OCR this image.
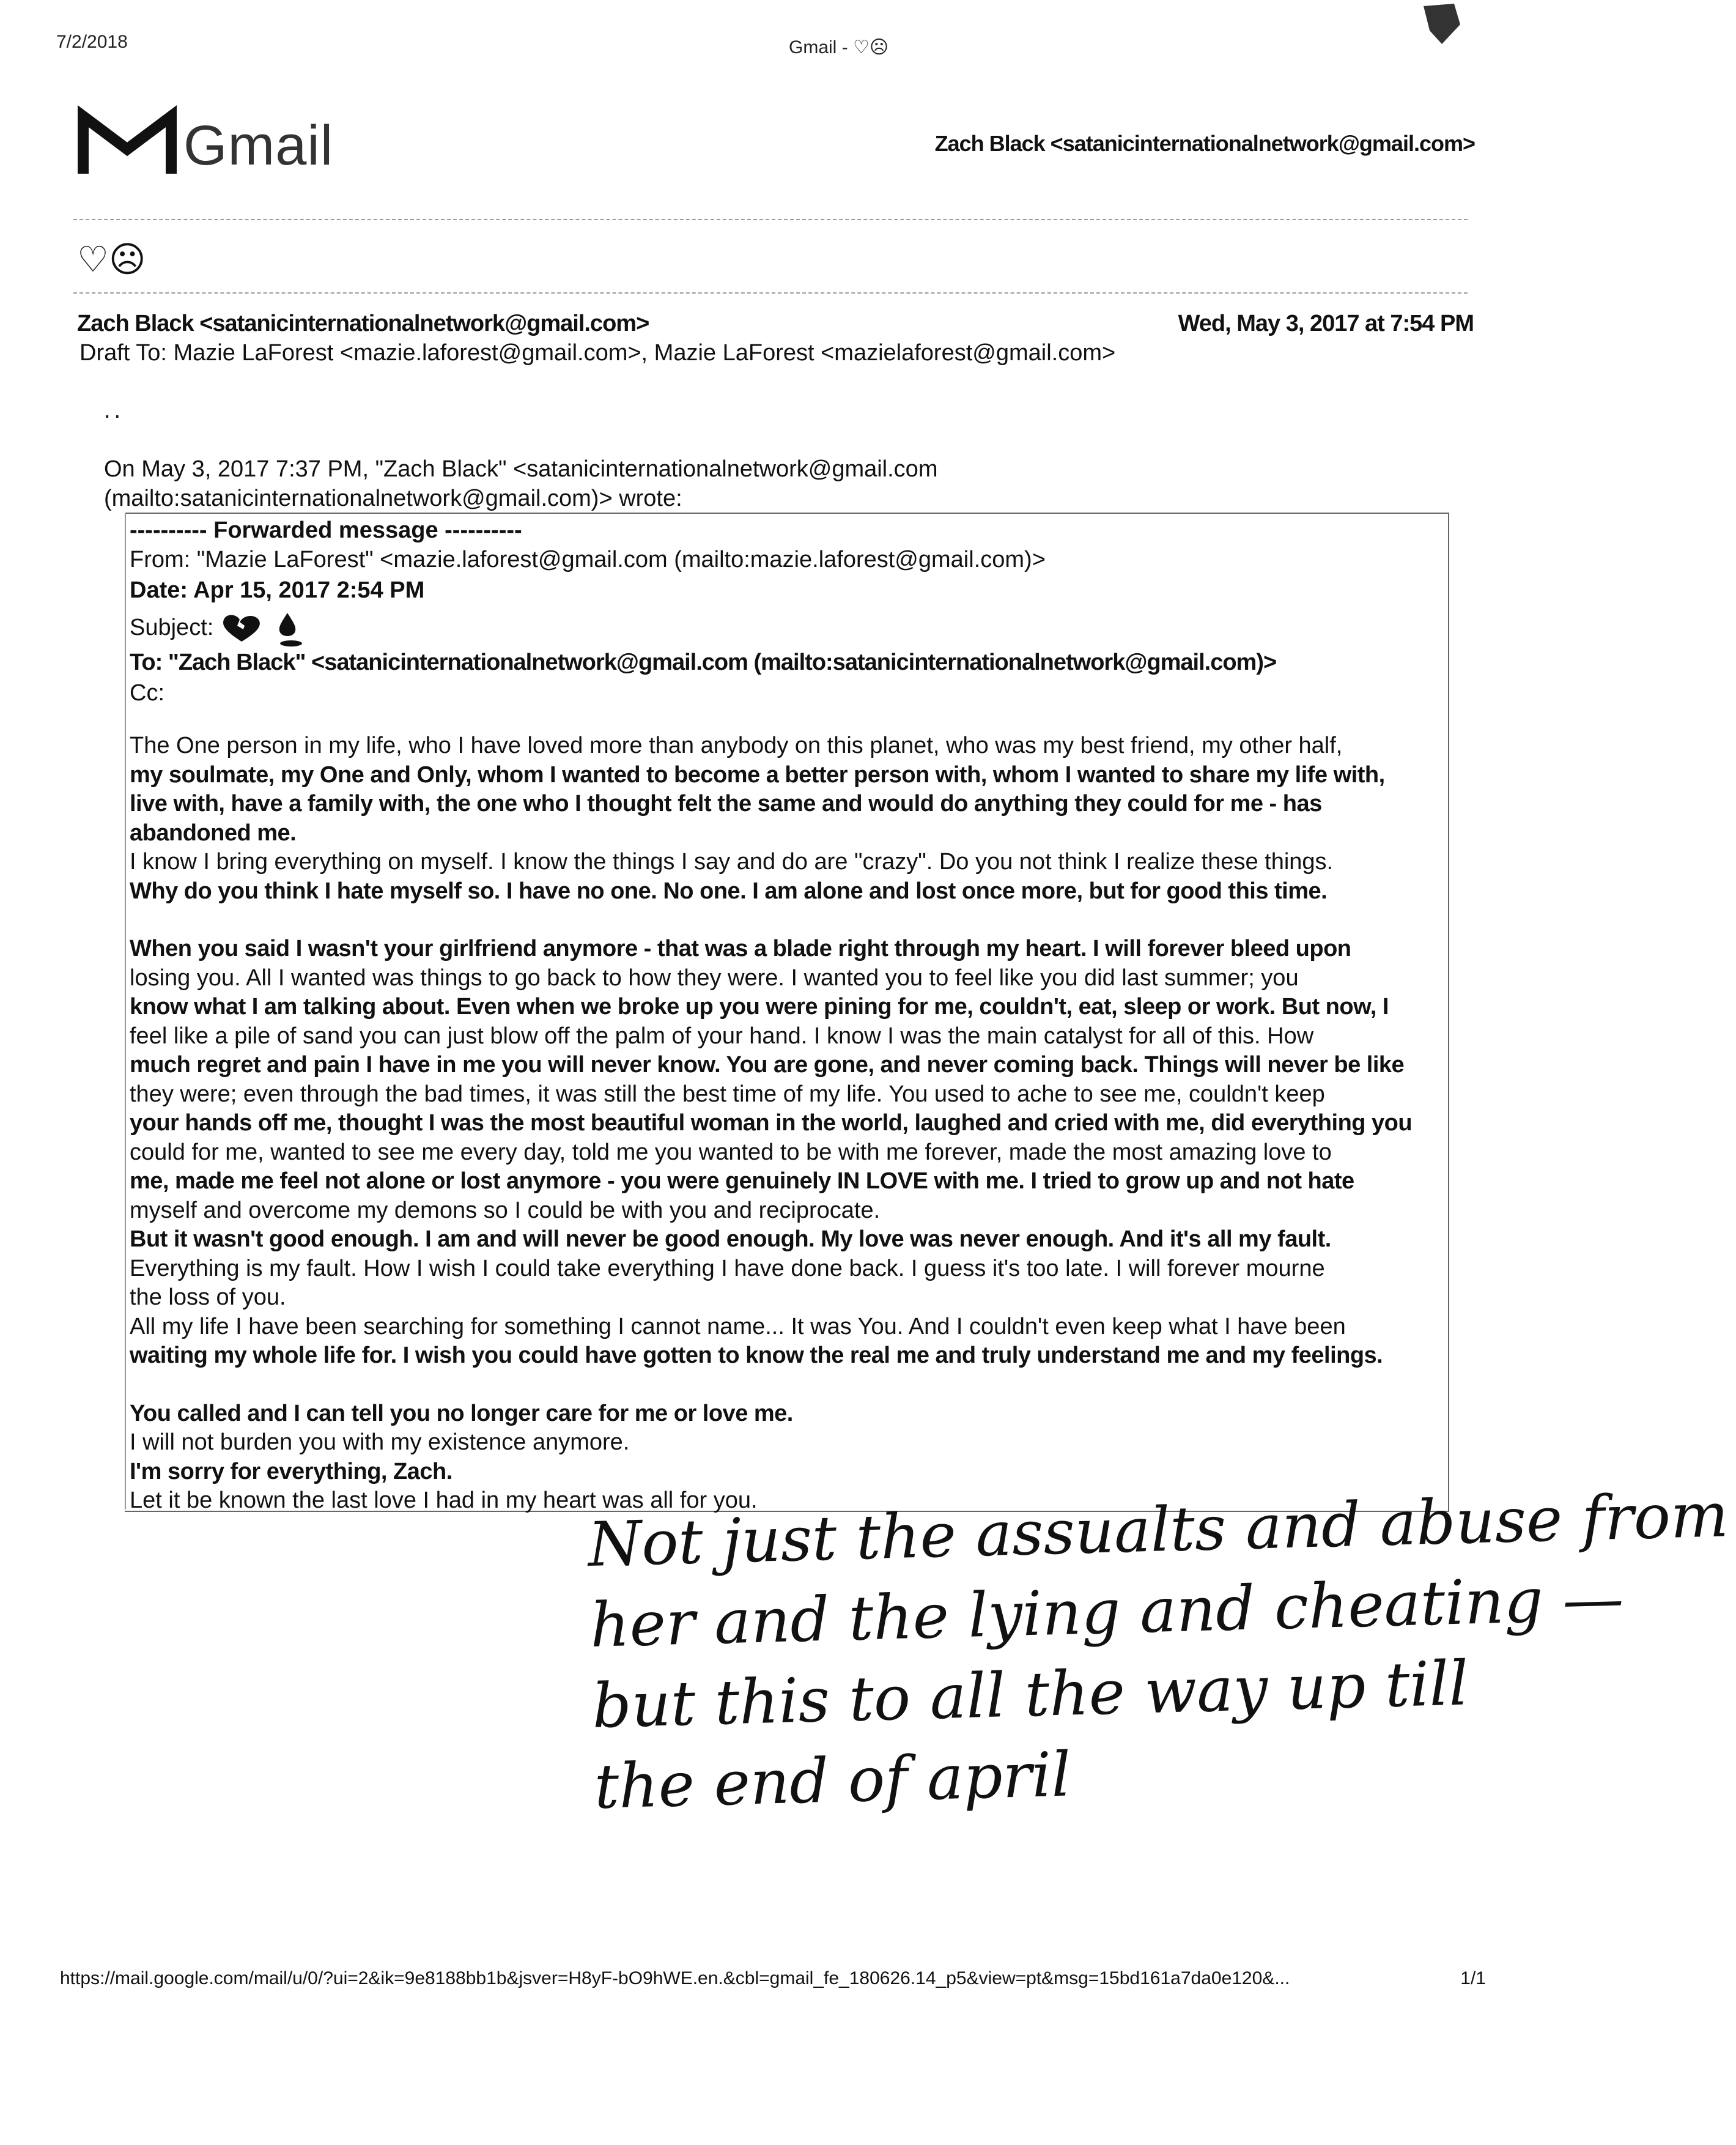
7/2/2018	Gmail - ♡☹
Gmail	Zach Black <satanicinternationalnetwork@gmail.com>
♡☹
Zach Black <satanicinternationalnetwork@gmail.com>	Wed, May 3, 2017 at 7:54 PM
Draft To: Mazie LaForest <mazie.laforest@gmail.com>, Mazie LaForest <mazielaforest@gmail.com>
..
On May 3, 2017 7:37 PM, "Zach Black" <satanicinternationalnetwork@gmail.com
(mailto:satanicinternationalnetwork@gmail.com)> wrote:
---------- Forwarded message ----------
From: "Mazie LaForest" <mazie.laforest@gmail.com (mailto:mazie.laforest@gmail.com)>
Date: Apr 15, 2017 2:54 PM
Subject:
To: "Zach Black" <satanicinternationalnetwork@gmail.com (mailto:satanicinternationalnetwork@gmail.com)>
Cc:

The One person in my life, who I have loved more than anybody on this planet, who was my best friend, my other half,

my soulmate, my One and Only, whom I wanted to become a better person with, whom I wanted to share my life with,

live with, have a family with, the one who I thought felt the same and would do anything they could for me - has

abandoned me.

I know I bring everything on myself. I know the things I say and do are "crazy". Do you not think I realize these things.

Why do you think I hate myself so. I have no one. No one. I am alone and lost once more, but for good this time.

When you said I wasn't your girlfriend anymore - that was a blade right through my heart. I will forever bleed upon

losing you. All I wanted was things to go back to how they were. I wanted you to feel like you did last summer; you

know what I am talking about. Even when we broke up you were pining for me, couldn't, eat, sleep or work. But now, I

feel like a pile of sand you can just blow off the palm of your hand. I know I was the main catalyst for all of this. How

much regret and pain I have in me you will never know. You are gone, and never coming back. Things will never be like

they were; even through the bad times, it was still the best time of my life. You used to ache to see me, couldn't keep

your hands off me, thought I was the most beautiful woman in the world, laughed and cried with me, did everything you

could for me, wanted to see me every day, told me you wanted to be with me forever, made the most amazing love to

me, made me feel not alone or lost anymore - you were genuinely IN LOVE with me. I tried to grow up and not hate

myself and overcome my demons so I could be with you and reciprocate.

But it wasn't good enough. I am and will never be good enough. My love was never enough. And it's all my fault.

Everything is my fault. How I wish I could take everything I have done back. I guess it's too late. I will forever mourne

the loss of you.

All my life I have been searching for something I cannot name... It was You. And I couldn't even keep what I have been

waiting my whole life for. I wish you could have gotten to know the real me and truly understand me and my feelings.

You called and I can tell you no longer care for me or love me.

I will not burden you with my existence anymore.

I'm sorry for everything, Zach.

Let it be known the last love I had in my heart was all for you.

Not just the assualts and abuse from
her and the lying and cheating —
but this to all the way up till
the end of april
https://mail.google.com/mail/u/0/?ui=2&ik=9e8188bb1b&jsver=H8yF-bO9hWE.en.&cbl=gmail_fe_180626.14_p5&view=pt&msg=15bd161a7da0e120&...	1/1
